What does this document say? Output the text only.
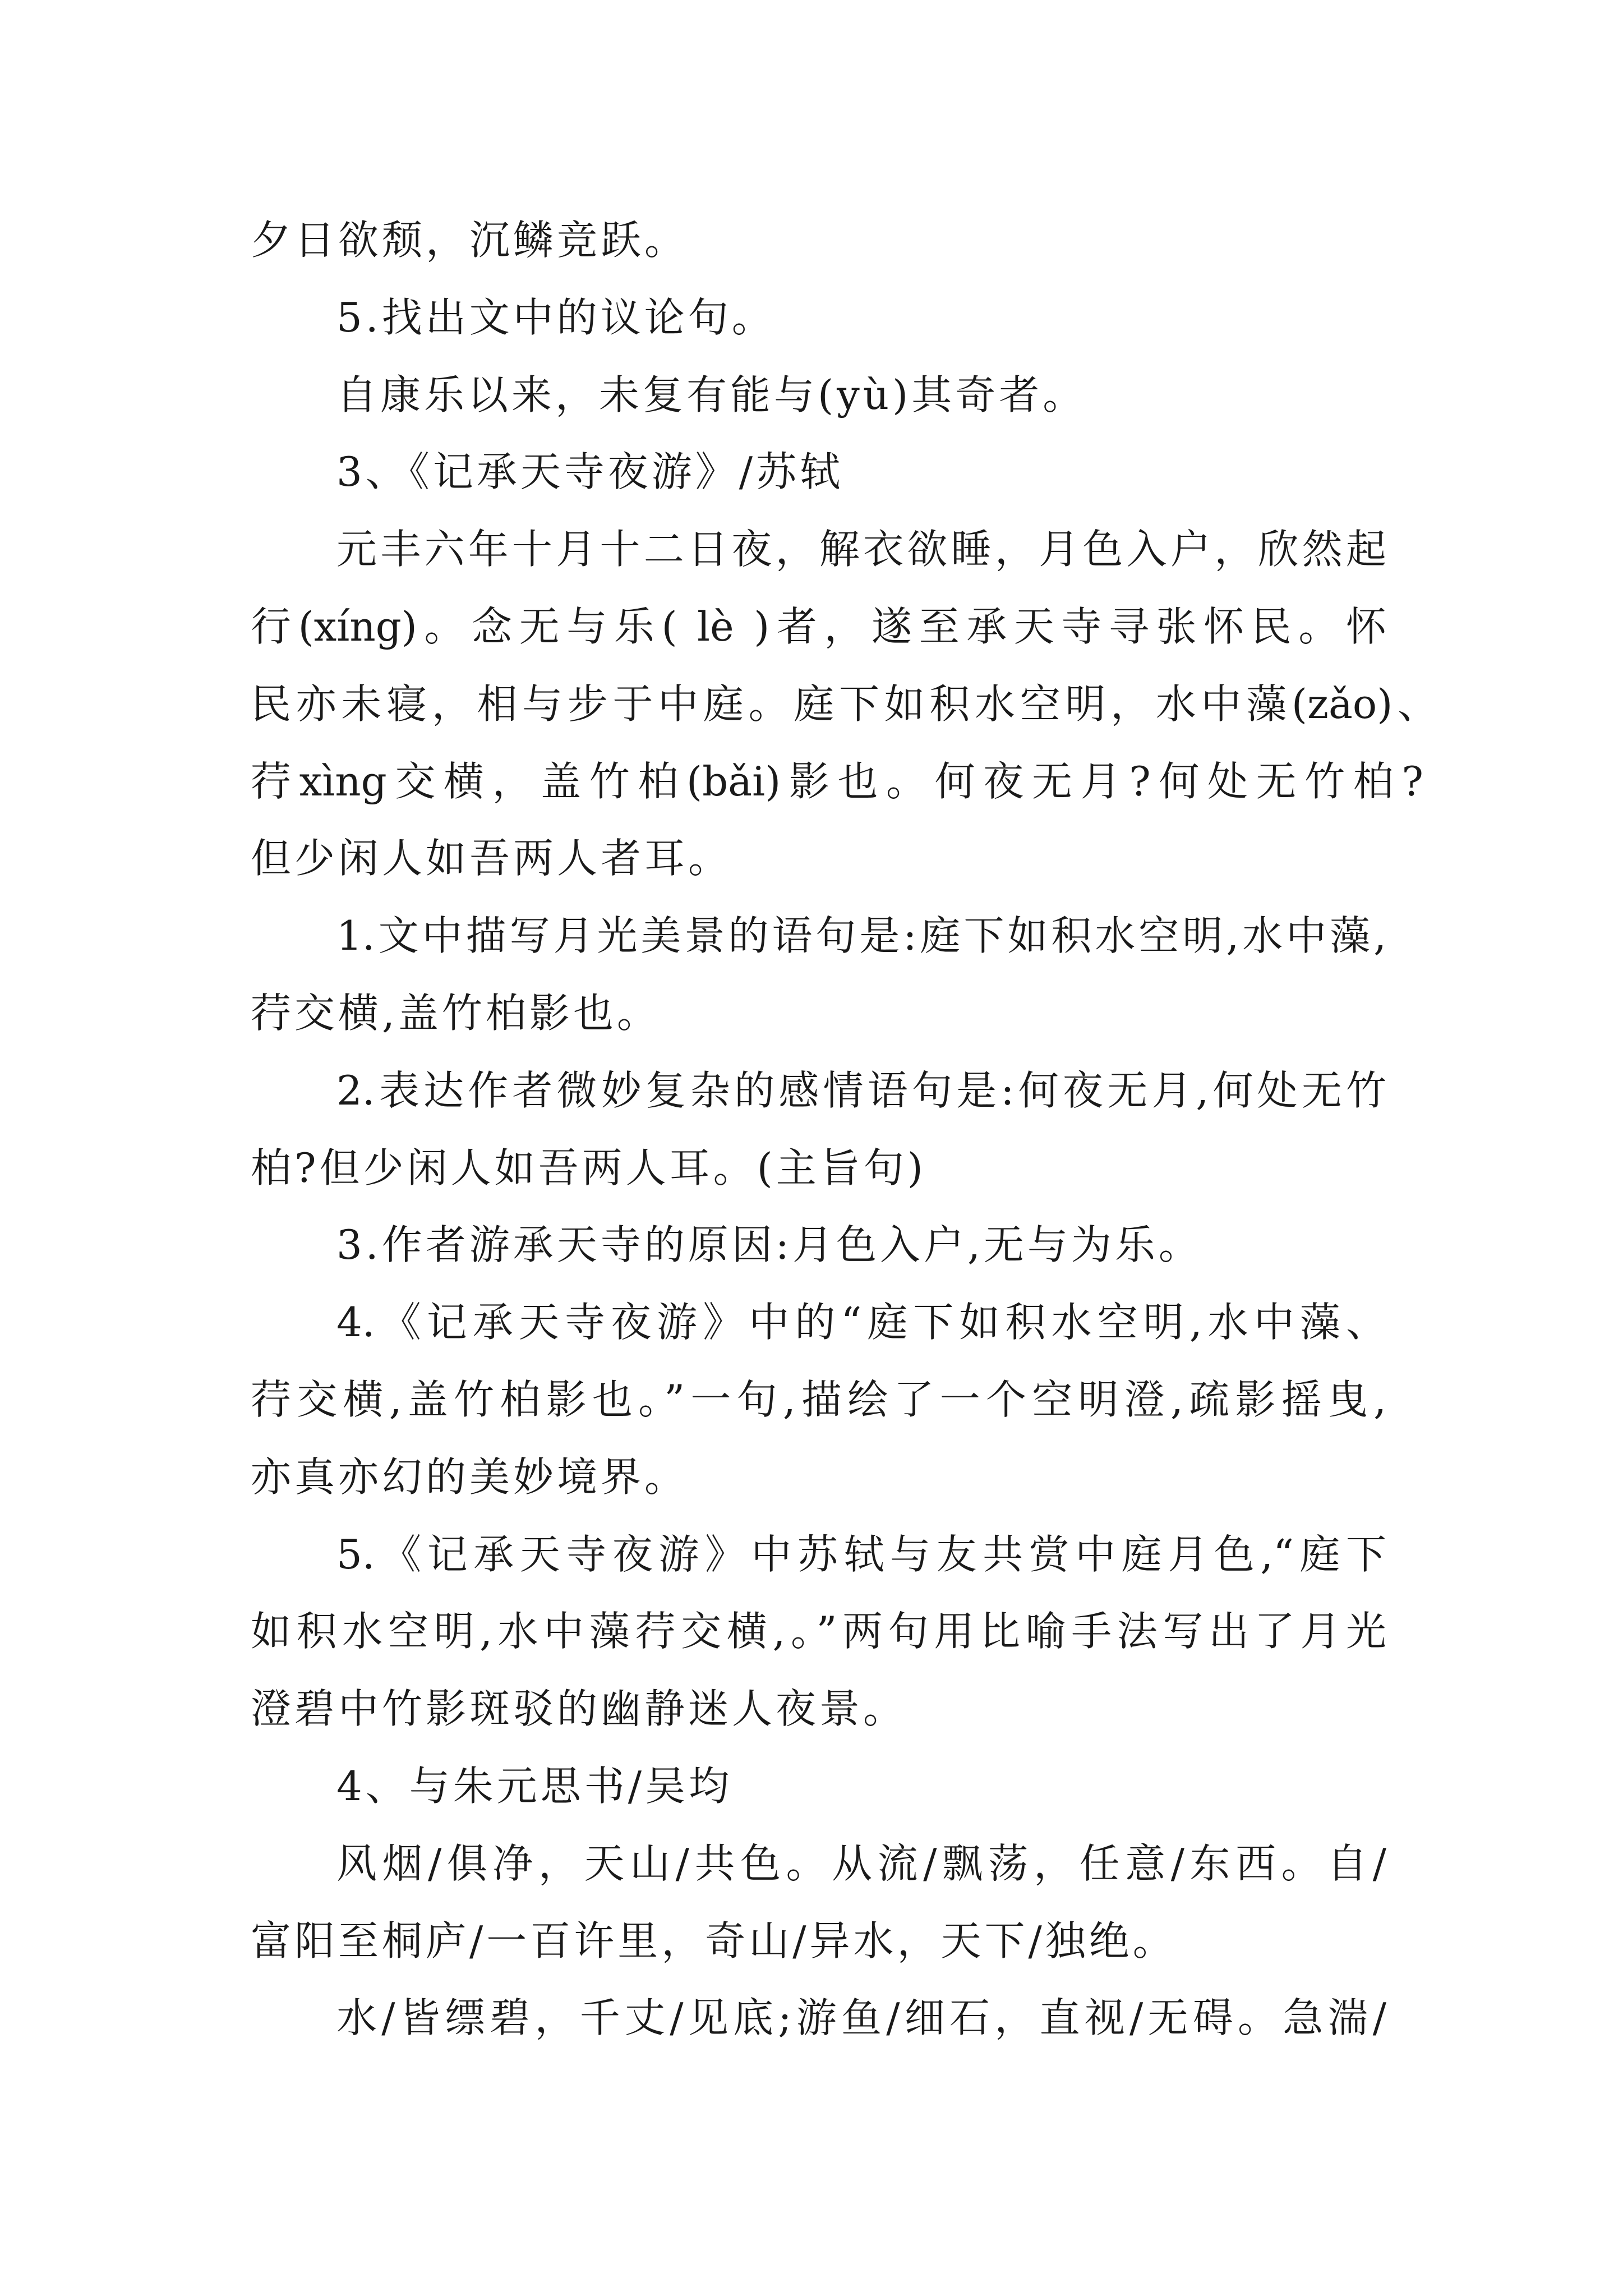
夕日欲颓，沉鳞竞跃。
5.找出文中的议论句。
自康乐以来，未复有能与(yù)其奇者。
3、《记承天寺夜游》/苏轼
元丰六年十月十二日夜，解衣欲睡，月色入户，欣然起
行(xíng)。念无与乐( lè )者，遂至承天寺寻张怀民。怀
民亦未寝，相与步于中庭。庭下如积水空明，水中藻(zǎo)、
荇xìng交横，盖竹柏(bǎi)影也。何夜无月?何处无竹柏?
但少闲人如吾两人者耳。
1.文中描写月光美景的语句是:庭下如积水空明,水中藻,
荇交横,盖竹柏影也。
2.表达作者微妙复杂的感情语句是:何夜无月,何处无竹
柏?但少闲人如吾两人耳。(主旨句)
3.作者游承天寺的原因:月色入户,无与为乐。
4.《记承天寺夜游》中的“庭下如积水空明,水中藻、
荇交横,盖竹柏影也。”一句,描绘了一个空明澄,疏影摇曳,
亦真亦幻的美妙境界。
5.《记承天寺夜游》中苏轼与友共赏中庭月色,“庭下
如积水空明,水中藻荇交横,。”两句用比喻手法写出了月光
澄碧中竹影斑驳的幽静迷人夜景。
4、与朱元思书/吴均
风烟/俱净，天山/共色。从流/飘荡，任意/东西。自/
富阳至桐庐/一百许里，奇山/异水，天下/独绝。
水/皆缥碧，千丈/见底;游鱼/细石，直视/无碍。急湍/
